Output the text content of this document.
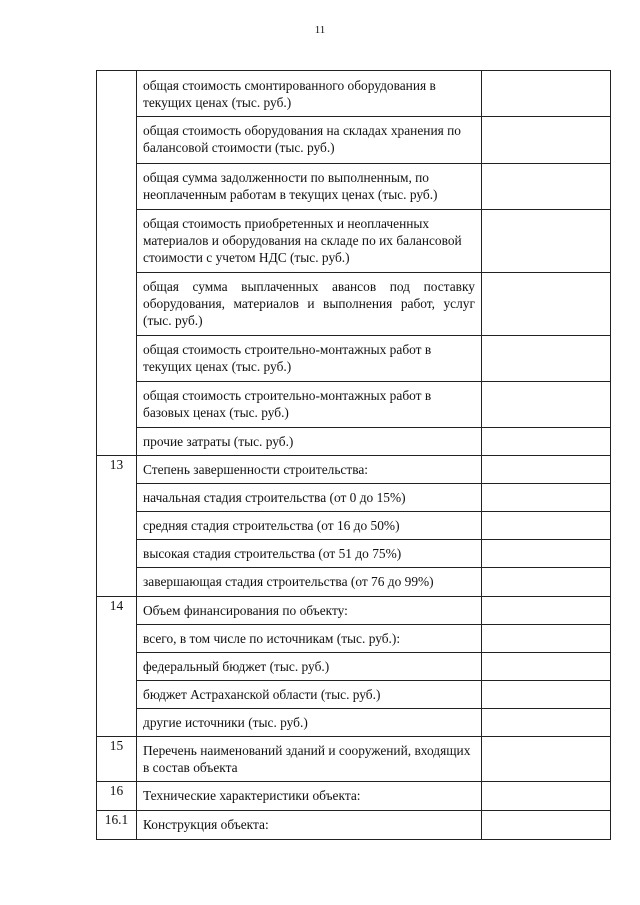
11
	общая стоимость смонтированного оборудования в текущих ценах (тыс. руб.)	
	общая стоимость оборудования на складах хранения по балансовой стоимости (тыс. руб.)	
	общая сумма задолженности по выполненным, по неоплаченным работам в текущих ценах (тыс. руб.)	
	общая стоимость приобретенных и неоплаченных материалов и оборудования на складе по их балансовой стоимости с учетом НДС (тыс. руб.)	
	общая сумма выплаченных авансов под поставку оборудования, материалов и выполнения работ, услуг (тыс. руб.)	
	общая стоимость строительно-монтажных работ в текущих ценах (тыс. руб.)	
	общая стоимость строительно-монтажных работ в базовых ценах (тыс. руб.)	
	прочие затраты (тыс. руб.)	
13	Степень завершенности строительства:	
	начальная стадия строительства (от 0 до 15%)	
	средняя стадия строительства (от 16 до 50%)	
	высокая стадия строительства (от 51 до 75%)	
	завершающая стадия строительства (от 76 до 99%)	
14	Объем финансирования по объекту:	
	всего, в том числе по источникам (тыс. руб.):	
	федеральный бюджет (тыс. руб.)	
	бюджет Астраханской области (тыс. руб.)	
	другие источники (тыс. руб.)	
15	Перечень наименований зданий и сооружений, входящих в состав объекта	
16	Технические характеристики объекта:	
16.1	Конструкция объекта:	
